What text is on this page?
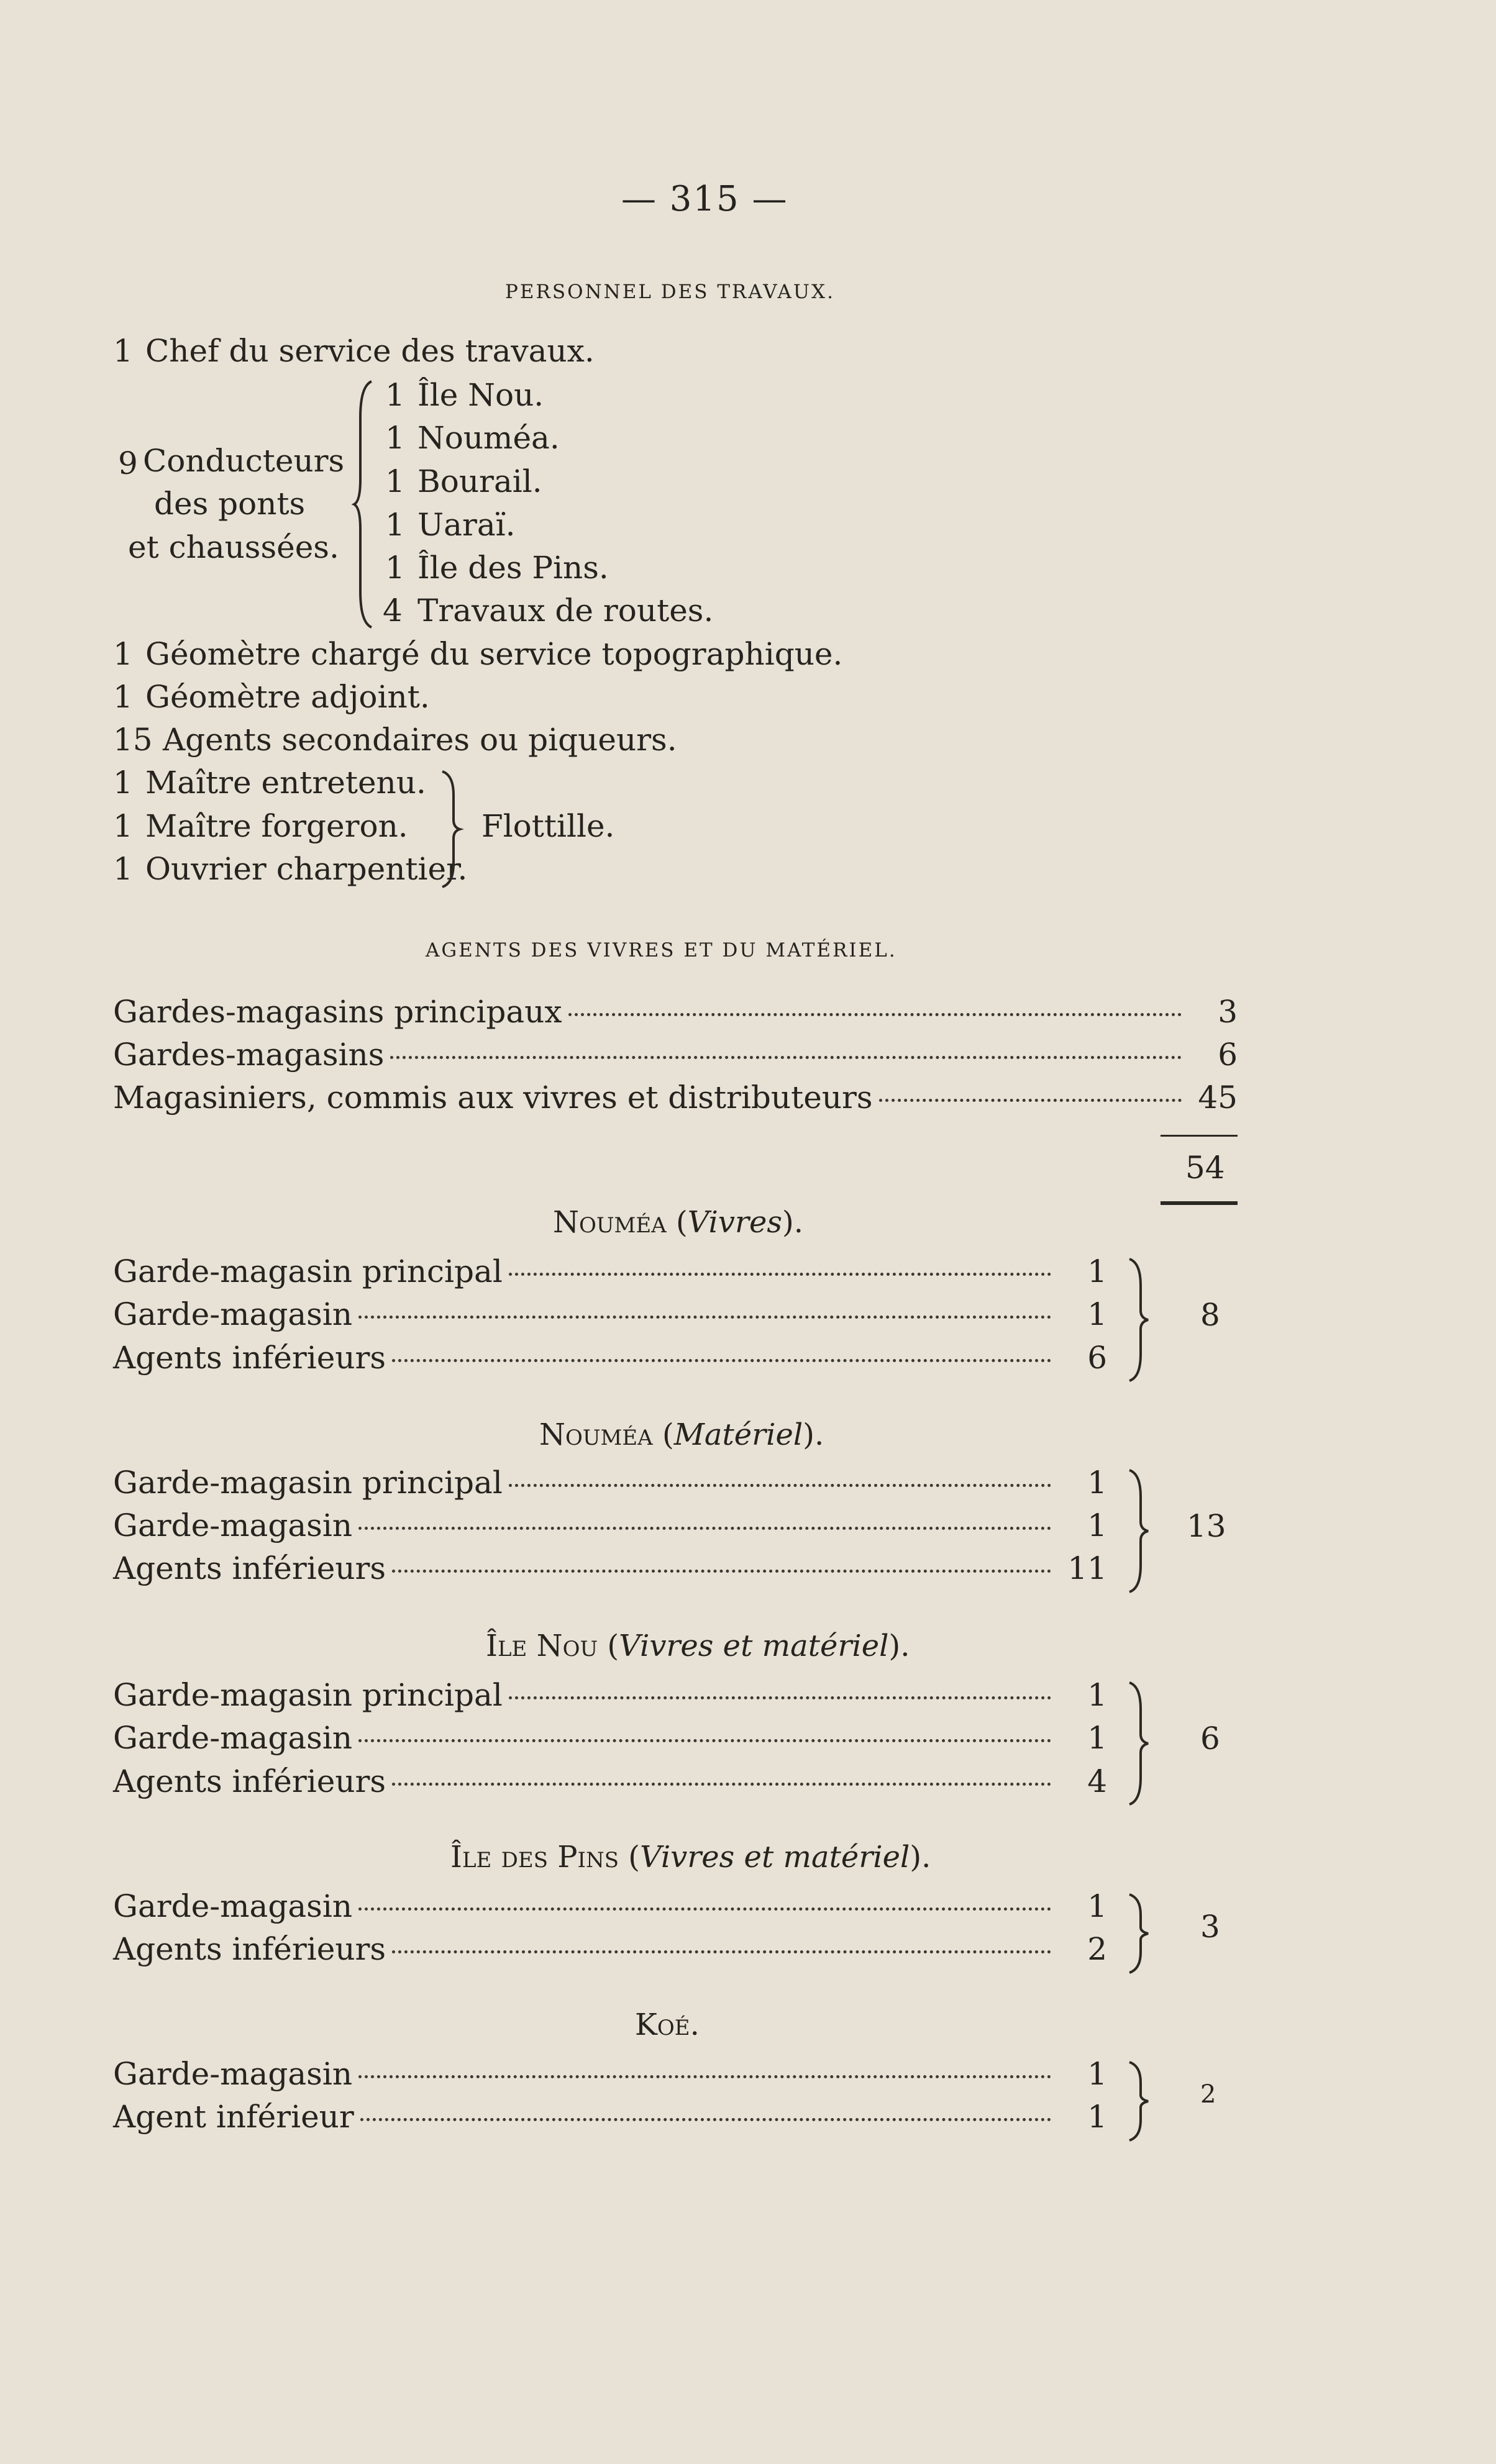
— 315 —
PERSONNEL DES TRAVAUX.
1 Chef du service des travaux.
9 Conducteurs
des ponts
et chaussées.
1 Île Nou.
1 Nouméa.
1 Bourail.
1 Uaraï.
1 Île des Pins.
4 Travaux de routes.
1 Géomètre chargé du service topographique.
1 Géomètre adjoint.
15 Agents secondaires ou piqueurs.
1 Maître entretenu.
1 Maître forgeron.
1 Ouvrier charpentier.
Flottille.
AGENTS DES VIVRES ET DU MATÉRIEL.
Gardes-magasins principaux	3
Gardes-magasins	6
Magasiniers, commis aux vivres et distributeurs	45
54
Nouméa (Vivres).
Garde-magasin principal	1
Garde-magasin	1
Agents inférieurs	6
8
Nouméa (Matériel).
Garde-magasin principal	1
Garde-magasin	1
Agents inférieurs	11
13
Île Nou (Vivres et matériel).
Garde-magasin principal	1
Garde-magasin	1
Agents inférieurs	4
6
Île des Pins (Vivres et matériel).
Garde-magasin	1
Agents inférieurs	2
3
Koé.
Garde-magasin	1
Agent inférieur	1
2
